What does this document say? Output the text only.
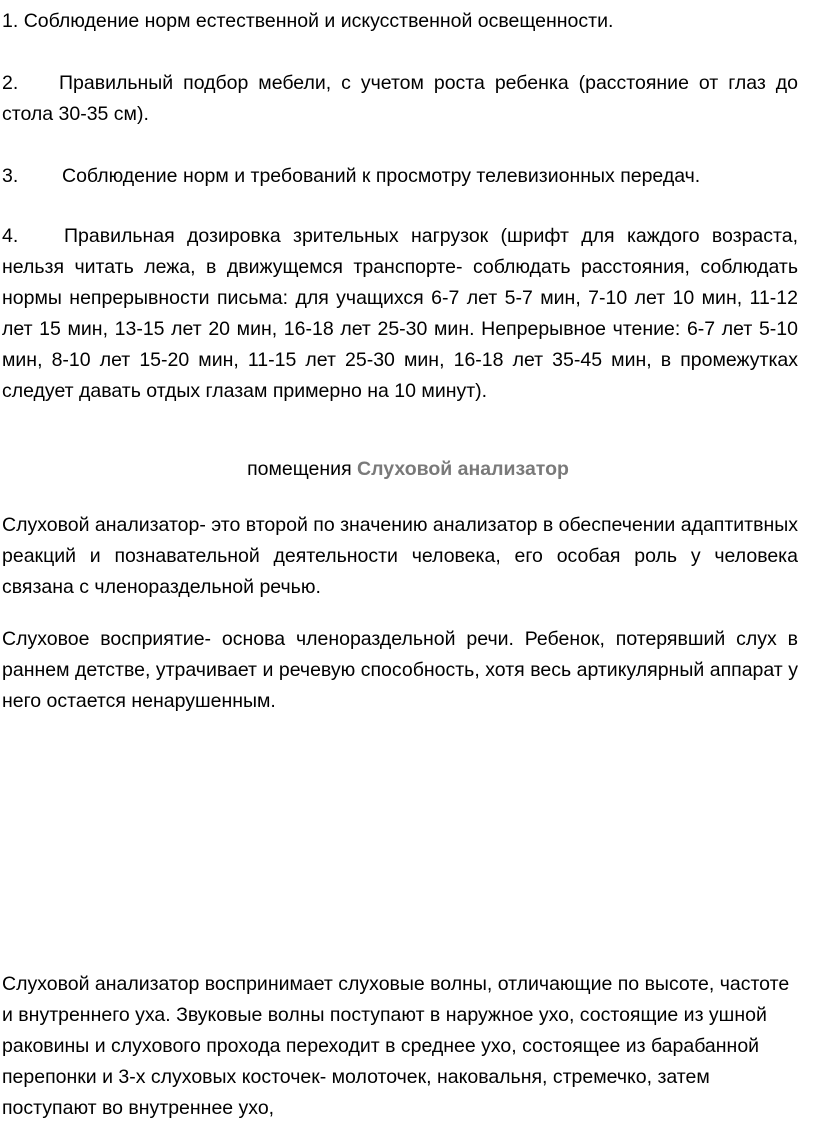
1. Соблюдение норм естественной и искусственной освещенности.

2. Правильный подбор мебели, с учетом роста ребенка (расстояние от глаз до стола 30-35 см).

3. Соблюдение норм и требований к просмотру телевизионных передач.

4. Правильная дозировка зрительных нагрузок (шрифт для каждого возраста, нельзя читать лежа, в движущемся транспорте- соблюдать расстояния, соблюдать нормы непрерывности письма: для учащихся 6-7 лет 5-7 мин, 7-10 лет 10 мин, 11-12 лет 15 мин, 13-15 лет 20 мин, 16-18 лет 25-30 мин. Непрерывное чтение: 6-7 лет 5-10 мин, 8-10 лет 15-20 мин, 11-15 лет 25-30 мин, 16-18 лет 35-45 мин, в промежутках следует давать отдых глазам примерно на 10 минут).

помещения Слуховой анализатор

Слуховой анализатор- это второй по значению анализатор в обеспечении адаптитвных реакций и познавательной деятельности человека, его особая роль у человека связана с членораздельной речью.

Слуховое восприятие- основа членораздельной речи. Ребенок, потерявший слух в раннем детстве, утрачивает и речевую способность, хотя весь артикулярный аппарат у него остается ненарушенным.

Слуховой анализатор воспринимает слуховые волны, отличающие по высоте, частоте и внутреннего уха. Звуковые волны поступают в наружное ухо, состоящие из ушной раковины и слухового прохода переходит в среднее ухо, состоящее из барабанной перепонки и 3-х слуховых косточек- молоточек, наковальня, стремечко, затем поступают во внутреннее ухо,
